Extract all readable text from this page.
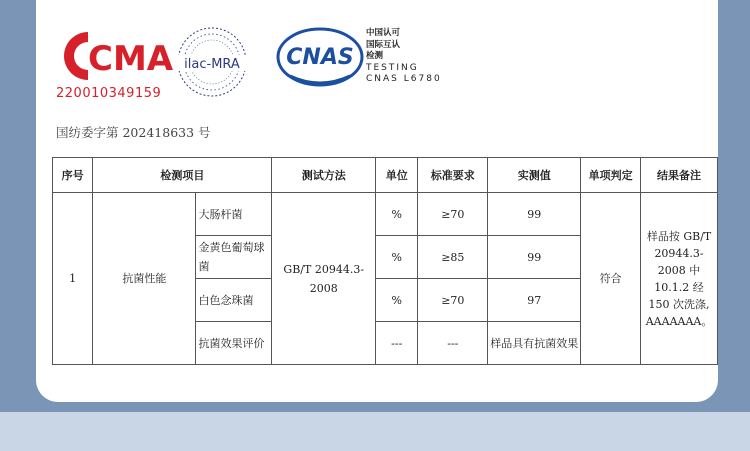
CMA
220010349159
ilac-MRA CNAS
中国认可
国际互认
检测
TESTING
CNAS L6780
国纺委字第 202418633 号
序号	检测项目		测试方法	单位	标准要求	实测值	单项判定	结果备注
1	抗菌性能	大肠杆菌	GB/T 20944.3-2008	%	≥70	99	符合	样品按 GB/T 20944.3-2008 中 10.1.2 经 150 次洗涤, AAAAAAA。
		金黄色葡萄球菌		%	≥85	99		
		白色念珠菌		%	≥70	97		
		抗菌效果评价		---	---	样品具有抗菌效果		
